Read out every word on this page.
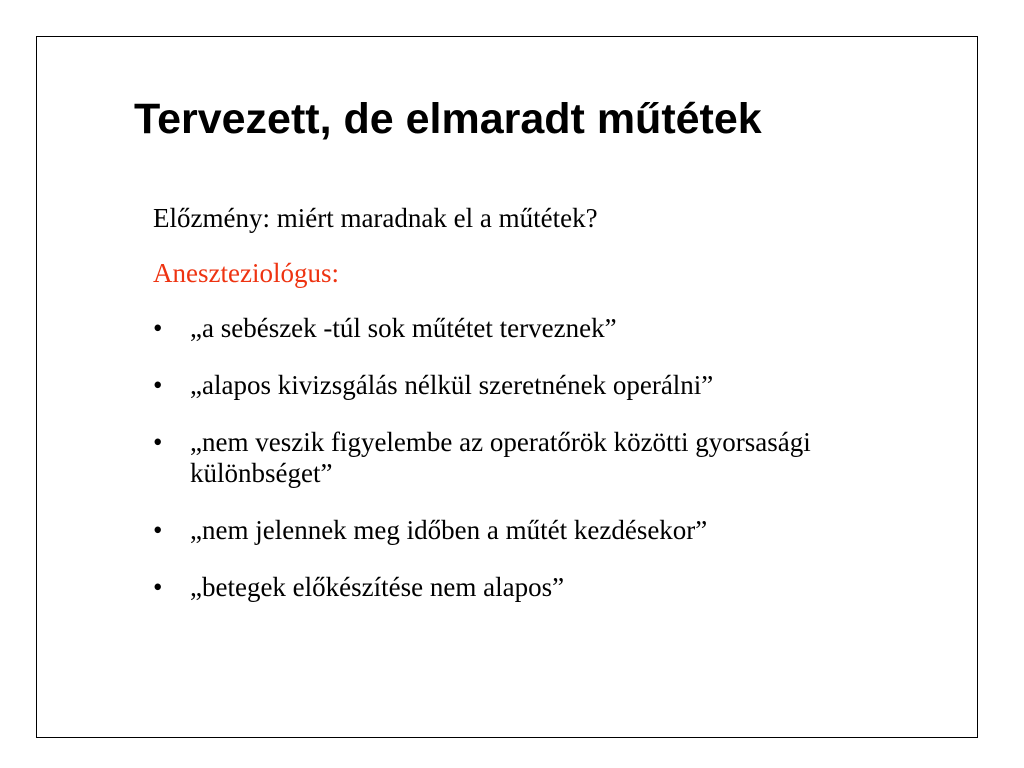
Tervezett, de elmaradt műtétek

Előzmény: miért maradnak el a műtétek?

Aneszteziológus:

• „a sebészek -túl sok műtétet terveznek”
• „alapos kivizsgálás nélkül szeretnének operálni”
• „nem veszik figyelembe az operatőrök közötti gyorsasági különbséget”
• „nem jelennek meg időben a műtét kezdésekor”
• „betegek előkészítése nem alapos”
